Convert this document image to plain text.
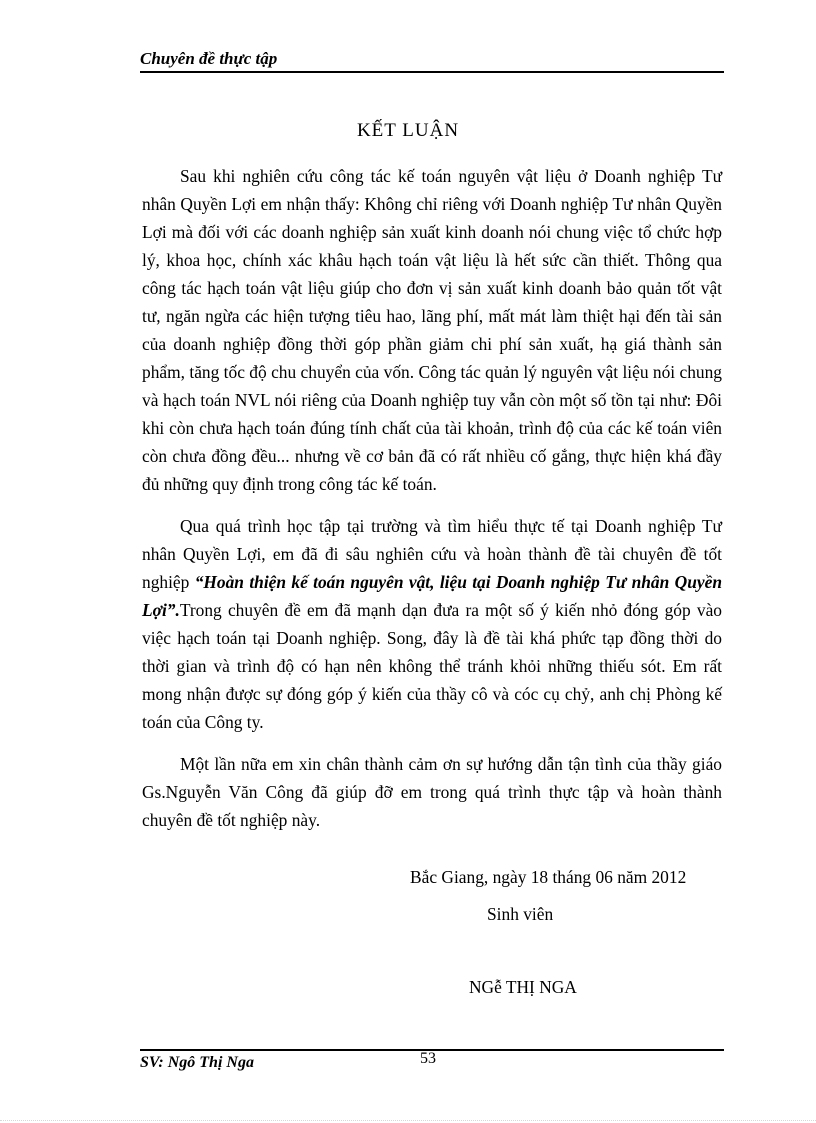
Chuyên đề thực tập
KẾT LUẬN

Sau khi nghiên cứu công tác kế toán nguyên vật liệu ở Doanh nghiệp Tư nhân Quyền Lợi em nhận thấy: Không chỉ riêng với Doanh nghiệp Tư nhân Quyền Lợi mà đối với các doanh nghiệp sản xuất kinh doanh nói chung việc tổ chức hợp lý, khoa học, chính xác khâu hạch toán vật liệu là hết sức cần thiết. Thông qua công tác hạch toán vật liệu giúp cho đơn vị sản xuất kinh doanh bảo quản tốt vật tư, ngăn ngừa các hiện tượng tiêu hao, lãng phí, mất mát làm thiệt hại đến tài sản của doanh nghiệp đồng thời góp phần giảm chi phí sản xuất, hạ giá thành sản phẩm, tăng tốc độ chu chuyển của vốn. Công tác quản lý nguyên vật liệu nói chung và hạch toán NVL nói riêng của Doanh nghiệp tuy vẫn còn một số tồn tại như: Đôi khi còn chưa hạch toán đúng tính chất của tài khoản, trình độ của các kế toán viên còn chưa đồng đều... nhưng về cơ bản đã có rất nhiều cố gắng, thực hiện khá đầy đủ những quy định trong công tác kế toán.

Qua quá trình học tập tại trường và tìm hiểu thực tế tại Doanh nghiệp Tư nhân Quyền Lợi, em đã đi sâu nghiên cứu và hoàn thành đề tài chuyên đề tốt nghiệp “Hoàn thiện kế toán nguyên vật, liệu tại Doanh nghiệp Tư nhân Quyền Lợi”.Trong chuyên đề em đã mạnh dạn đưa ra một số ý kiến nhỏ đóng góp vào việc hạch toán tại Doanh nghiệp. Song, đây là đề tài khá phức tạp đồng thời do thời gian và trình độ có hạn nên không thể tránh khỏi những thiếu sót. Em rất mong nhận được sự đóng góp ý kiến của thầy cô và cóc cụ chỷ, anh chị Phòng kế toán của Công ty.

Một lần nữa em xin chân thành cảm ơn sự hướng dẫn tận tình của thầy giáo Gs.Nguyễn Văn Công đã giúp đỡ em trong quá trình thực tập và hoàn thành chuyên đề tốt nghiệp này.

Bắc Giang, ngày 18 tháng 06 năm 2012
Sinh viên
NGễ THỊ NGA
SV: Ngô Thị Nga	53
